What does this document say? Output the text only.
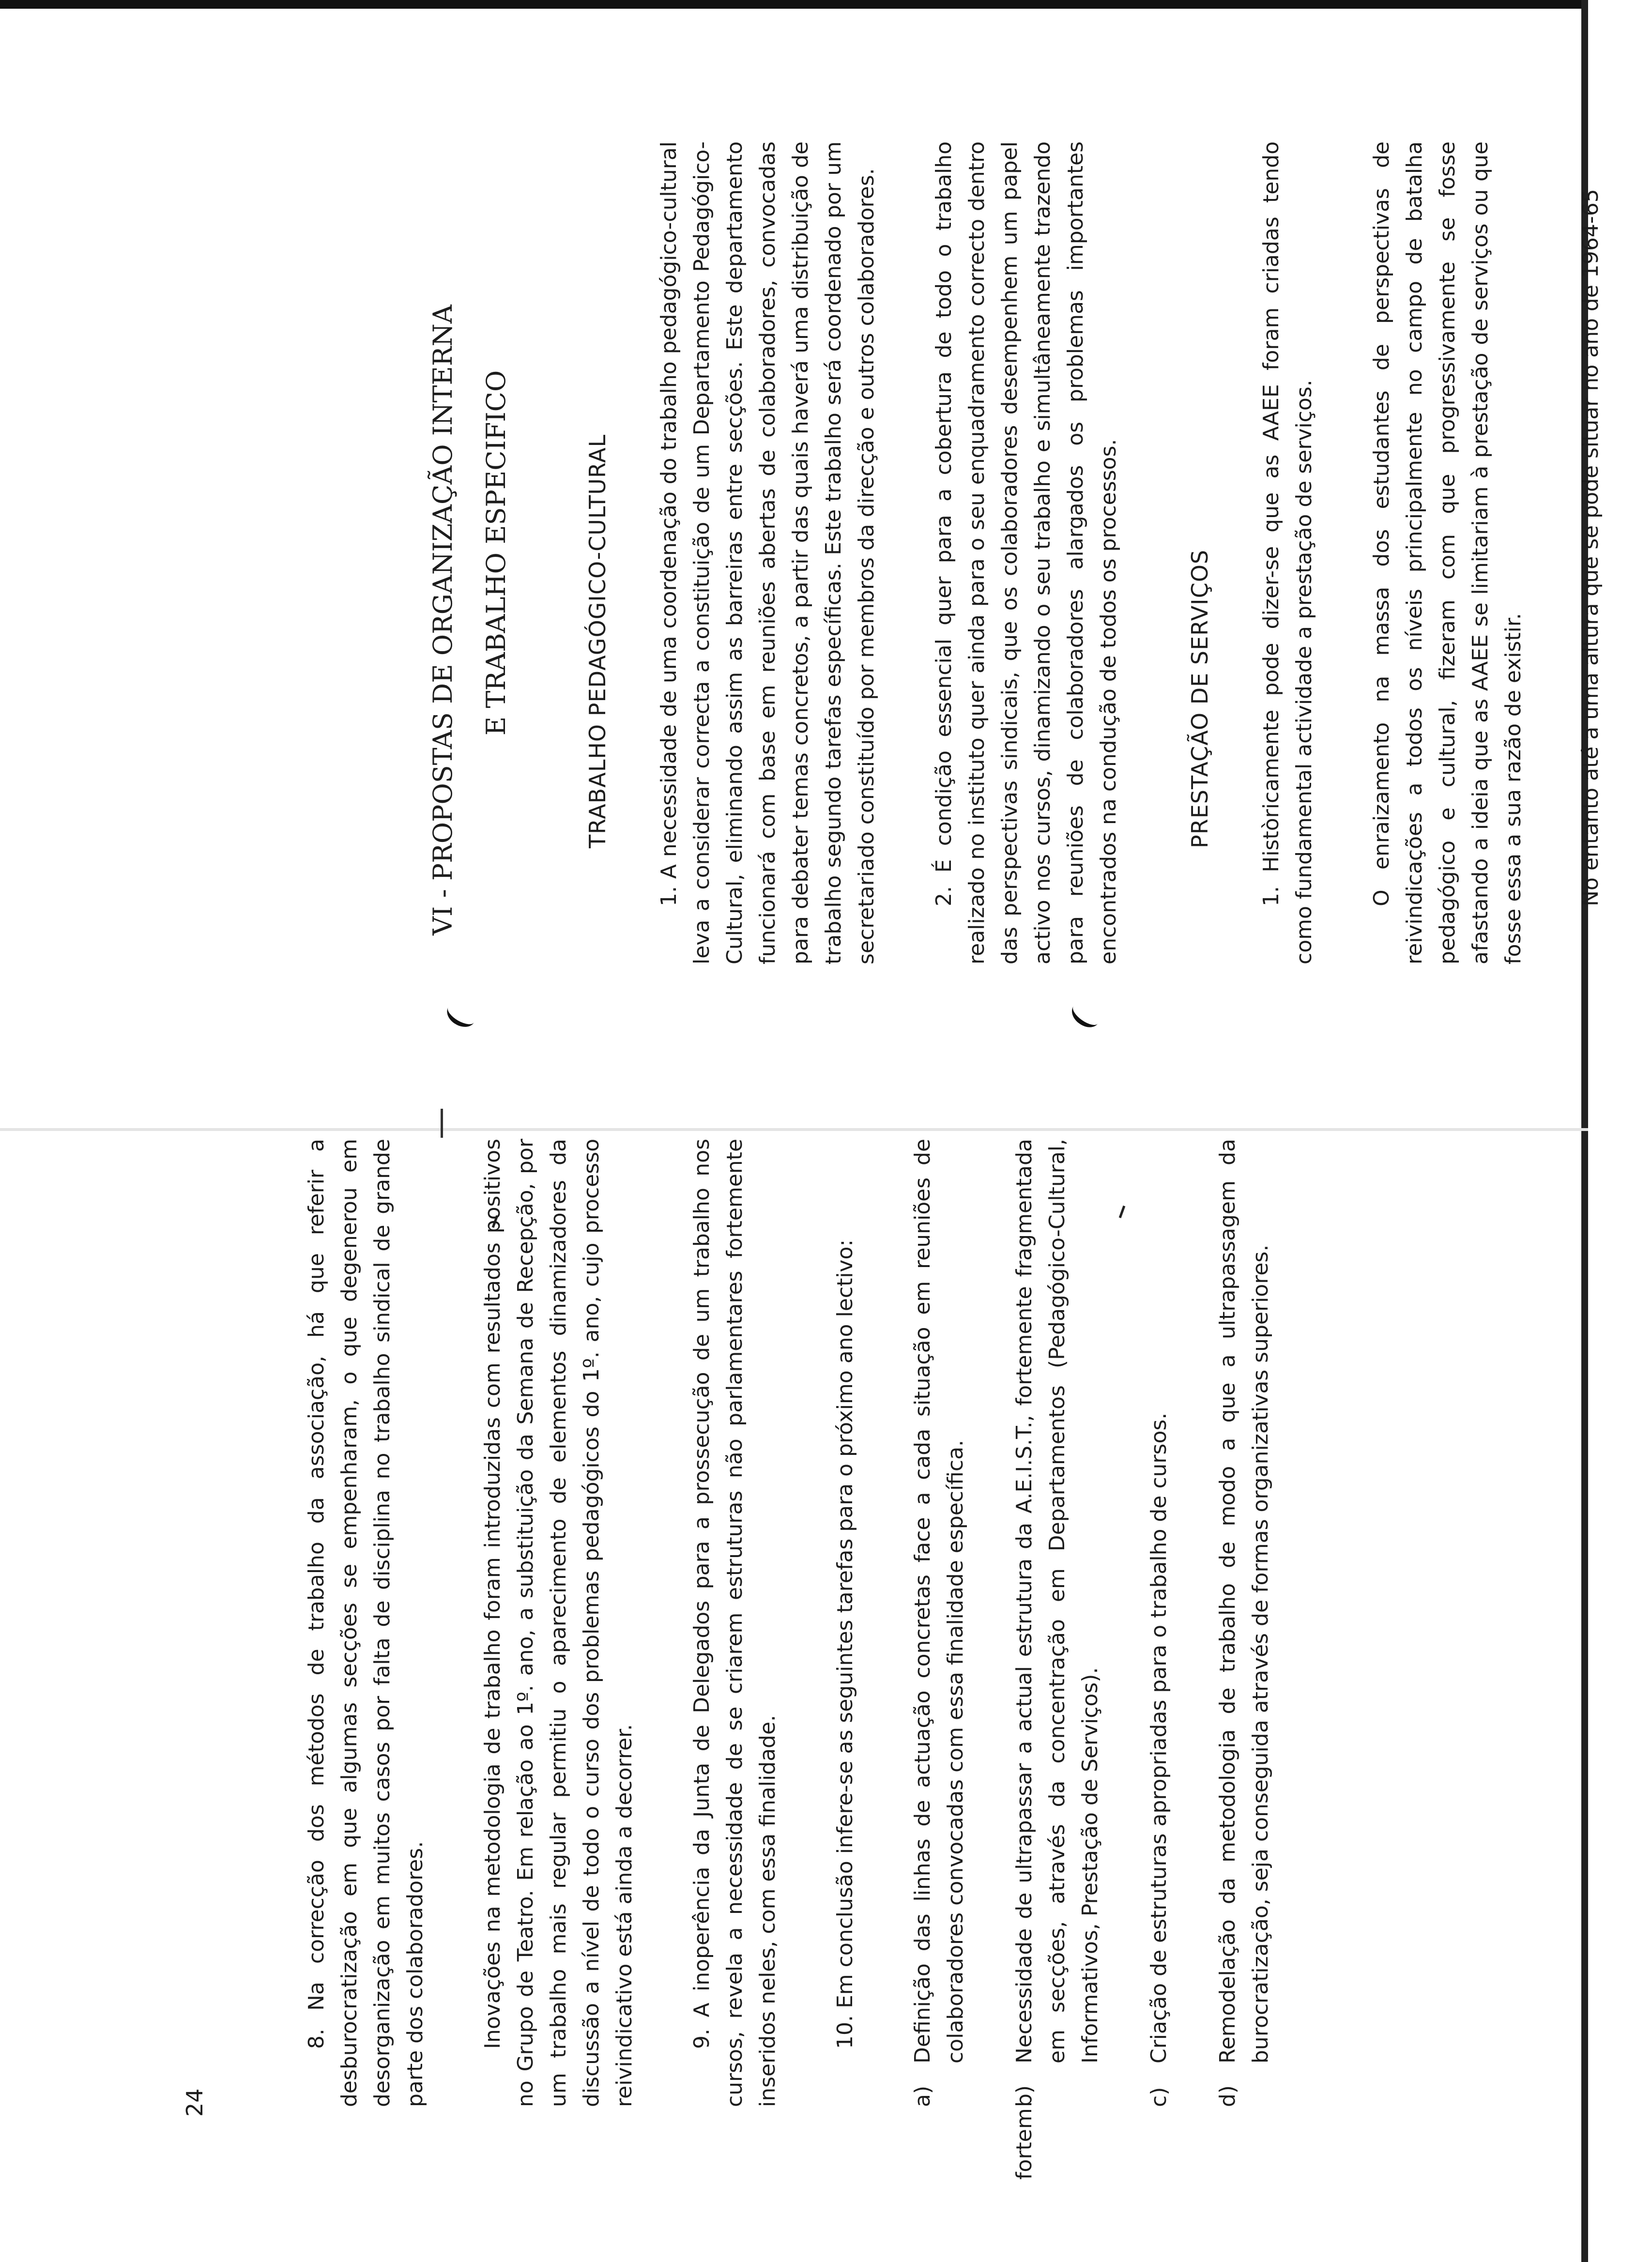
24

8. Na correcção dos métodos de trabalho da associação, há que referir a desburocratização em que algumas secções se empenharam, o que degenerou em desorganização em muitos casos por falta de disciplina no trabalho sindical de grande parte dos colaboradores. Inovações na metodologia de trabalho foram introduzidas com resultados positivos no Grupo de Teatro. Em relação ao 1º. ano, a substituição da Semana de Recepção, por um trabalho mais regular permitiu o aparecimento de elementos dinamizadores da discussão a nível de todo o curso dos problemas pedagógicos do 1º. ano, cujo processo reivindicativo está ainda a decorrer. 9. A inoperência da Junta de Delegados para a prossecução de um trabalho nos cursos, revela a necessidade de se criarem estruturas não parlamentares fortemente inseridos neles, com essa finalidade. 10. Em conclusão infere-se as seguintes tarefas para o próximo ano lectivo:

a)
Definição das linhas de actuação concretas face a cada situação em reuniões de colaboradores convocadas com essa finalidade específica.
fortem
b)
Necessidade de ultrapassar a actual estrutura da A.E.I.S.T., fortemente fragmentada em secções, através da concentração em Departamentos (Pedagógico-Cultural, Informativos, Prestação de Serviços).
c)
Criação de estruturas apropriadas para o trabalho de cursos.
d)
Remodelação da metodologia de trabalho de modo a que a ultrapassagem da burocratização, seja conseguida através de formas organizativas superiores.
VI - PROPOSTAS DE ORGANIZAÇÃO INTERNA E TRABALHO ESPECIFICO	TRABALHO PEDAGÓGICO-CULTURAL 1. A necessidade de uma coordenação do trabalho pedagógico-cultural leva a considerar correcta a constituição de um Departamento Pedagógico-Cultural, eliminando assim as barreiras entre secções. Este departamento funcionará com base em reuniões abertas de colaboradores, convocadas para debater temas concretos, a partir das quais haverá uma distribuição de trabalho segundo tarefas específicas. Este trabalho será coordenado por um secretariado constituído por membros da direcção e outros colaboradores. 2. É condição essencial quer para a cobertura de todo o trabalho realizado no instituto quer ainda para o seu enquadramento correcto dentro das perspectivas sindicais, que os colaboradores desempenhem um papel activo nos cursos, dinamizando o seu trabalho e simultâneamente trazendo para reuniões de colaboradores alargados os problemas importantes encontrados na condução de todos os processos.	PRESTAÇÃO DE SERVIÇOS 1. Històricamente pode dizer-se que as AAEE foram criadas tendo como fundamental actividade a prestação de serviços. O enraizamento na massa dos estudantes de perspectivas de reivindicações a todos os níveis principalmente no campo de batalha pedagógico e cultural, fizeram com que progressivamente se fosse afastando a ideia que as AAEE se limitariam à prestação de serviços ou que fosse essa a sua razão de existir. No entanto até a uma altura que se pode situar no ano de 1964-65
